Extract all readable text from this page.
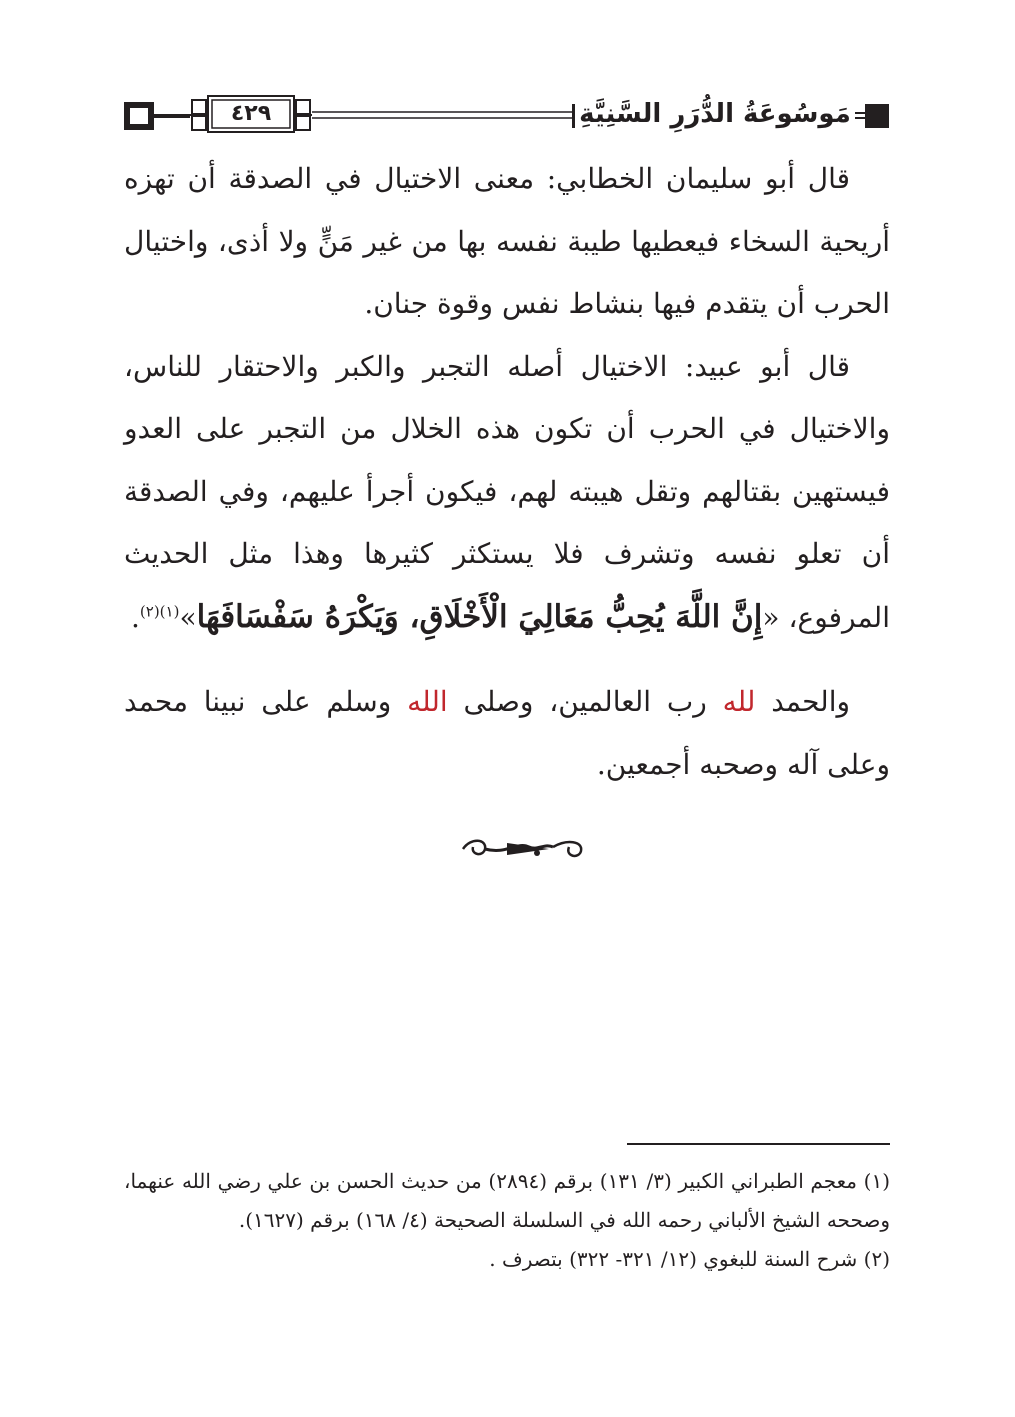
مَوسُوعَةُ الدُّرَرِ السَّنِيَّةِ
٤٢٩

قال أبو سليمان الخطابي: معنى الاختيال في الصدقة أن تهزه أريحية السخاء فيعطيها طيبة نفسه بها من غير مَنٍّ ولا أذى، واختيال الحرب أن يتقدم فيها بنشاط نفس وقوة جنان.

قال أبو عبيد: الاختيال أصله التجبر والكبر والاحتقار للناس، والاختيال في الحرب أن تكون هذه الخلال من التجبر على العدو فيستهين بقتالهم وتقل هيبته لهم، فيكون أجرأ عليهم، وفي الصدقة أن تعلو نفسه وتشرف فلا يستكثر كثيرها وهذا مثل الحديث المرفوع، «إِنَّ اللَّهَ يُحِبُّ مَعَالِيَ الْأَخْلَاقِ، وَيَكْرَهُ سَفْسَافَهَا»$^{(١)(٢)}$.

والحمد لله رب العالمين، وصلى الله وسلم على نبينا محمد وعلى آله وصحبه أجمعين.

(١) معجم الطبراني الكبير (٣/ ١٣١) برقم (٢٨٩٤) من حديث الحسن بن علي رضي الله عنهما، وصححه الشيخ الألباني رحمه الله في السلسلة الصحيحة (٤/ ١٦٨) برقم (١٦٢٧).

(٢) شرح السنة للبغوي (١٢/ ٣٢١- ٣٢٢) بتصرف .
